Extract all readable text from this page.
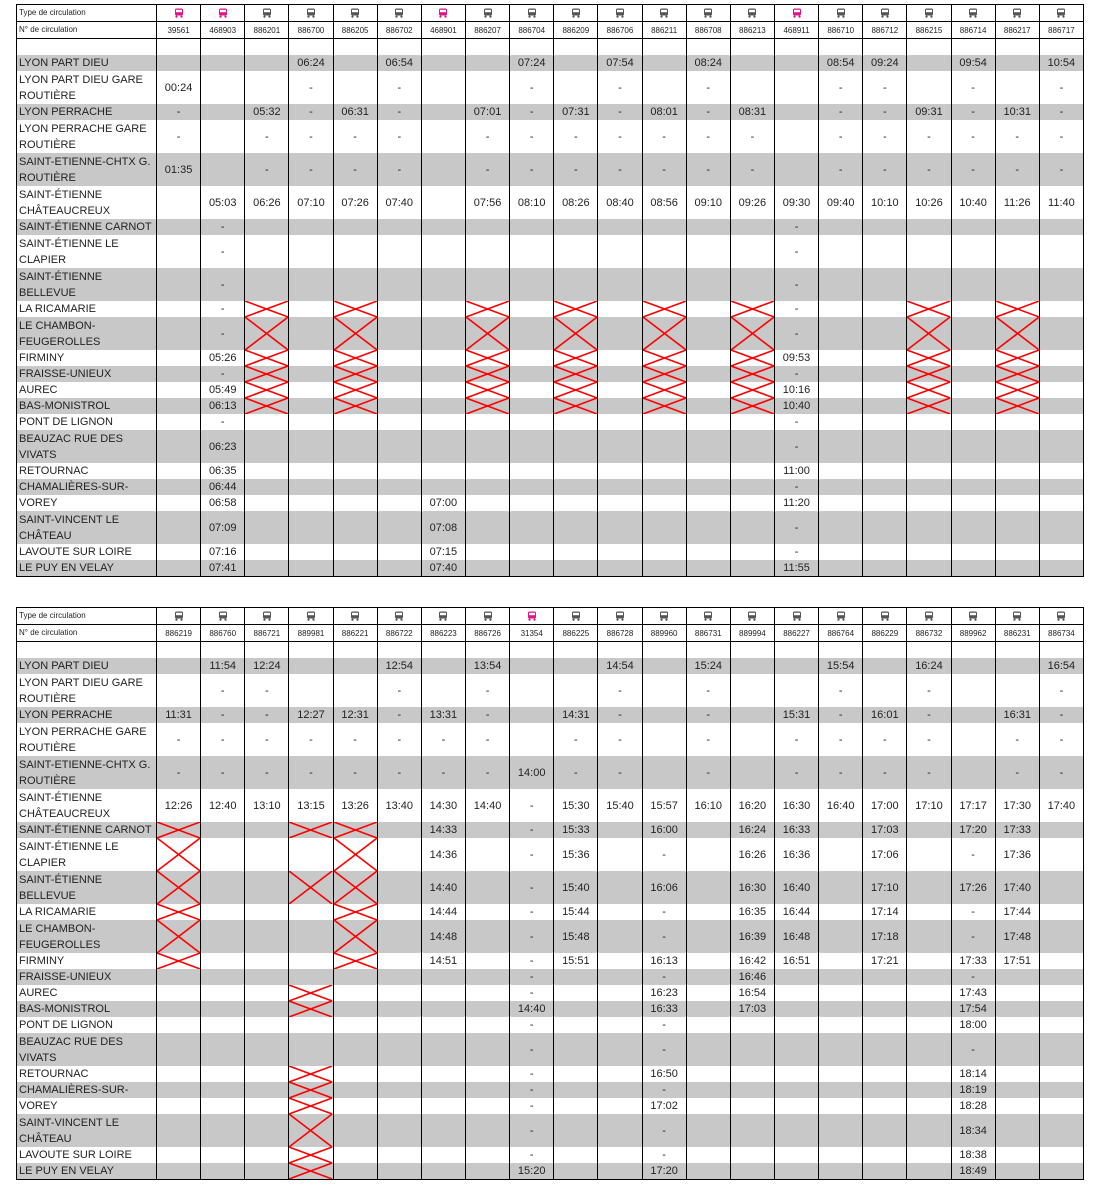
Type de circulation																					
N° de circulation	39561	468903	886201	886700	886205	886702	468901	886207	886704	886209	886706	886211	886708	886213	468911	886710	886712	886215	886714	886217	886717

LYON PART DIEU				06:24		06:54			07:24		07:54		08:24			08:54	09:24		09:54		10:54
LYON PART DIEU GARE ROUTIÈRE	00:24			-		-			-		-		-			-	-		-		-
LYON PERRACHE	-		05:32	-	06:31	-		07:01	-	07:31	-	08:01	-	08:31		-	-	09:31	-	10:31	-
LYON PERRACHE GARE ROUTIÈRE	-		-	-	-	-		-	-	-	-	-	-	-		-	-	-	-	-	-
SAINT-ETIENNE-CHTX G. ROUTIÈRE	01:35		-	-	-	-		-	-	-	-	-	-	-		-	-	-	-	-	-
SAINT-ÉTIENNE CHÂTEAUCREUX		05:03	06:26	07:10	07:26	07:40		07:56	08:10	08:26	08:40	08:56	09:10	09:26	09:30	09:40	10:10	10:26	10:40	11:26	11:40
SAINT-ÉTIENNE CARNOT		-													-						
SAINT-ÉTIENNE LE CLAPIER		-													-						
SAINT-ÉTIENNE BELLEVUE		-													-						
LA RICAMARIE		-													-			

LE CHAMBON-FEUGEROLLES		-													-			

FIRMINY		05:26													09:53			

FRAISSE-UNIEUX		-													-			

AUREC		05:49													10:16			

BAS-MONISTROL		06:13													10:40			

PONT DE LIGNON		-													-						
BEAUZAC RUE DES VIVATS		06:23													-						
RETOURNAC		06:35													11:00						
CHAMALIÈRES-SUR-		06:44													-						
VOREY		06:58					07:00								11:20						
SAINT-VINCENT LE CHÂTEAU		07:09					07:08								-						
LAVOUTE SUR LOIRE		07:16					07:15								-						
LE PUY EN VELAY		07:41					07:40								11:55						
Type de circulation																					
N° de circulation	886219	886760	886721	889981	886221	886722	886223	886726	31354	886225	886728	889960	886731	889994	886227	886764	886229	886732	889962	886231	886734

LYON PART DIEU		11:54	12:24			12:54		13:54			14:54		15:24			15:54		16:24			16:54
LYON PART DIEU GARE ROUTIÈRE		-	-			-		-			-		-			-		-			-
LYON PERRACHE	11:31	-	-	12:27	12:31	-	13:31	-		14:31	-		-		15:31	-	16:01	-		16:31	-
LYON PERRACHE GARE ROUTIÈRE	-	-	-	-	-	-	-	-		-	-		-		-	-	-	-		-	-
SAINT-ETIENNE-CHTX G. ROUTIÈRE	-	-	-	-	-	-	-	-	14:00	-	-		-		-	-	-	-		-	-
SAINT-ÉTIENNE CHÂTEAUCREUX	12:26	12:40	13:10	13:15	13:26	13:40	14:30	14:40	-	15:30	15:40	15:57	16:10	16:20	16:30	16:40	17:00	17:10	17:17	17:30	17:40
SAINT-ÉTIENNE CARNOT							14:33		-	15:33		16:00		16:24	16:33		17:03		17:20	17:33	
SAINT-ÉTIENNE LE CLAPIER							14:36		-	15:36		-		16:26	16:36		17:06		-	17:36	
SAINT-ÉTIENNE BELLEVUE							14:40		-	15:40		16:06		16:30	16:40		17:10		17:26	17:40	
LA RICAMARIE							14:44		-	15:44		-		16:35	16:44		17:14		-	17:44	
LE CHAMBON-FEUGEROLLES							14:48		-	15:48		-		16:39	16:48		17:18		-	17:48	
FIRMINY							14:51		-	15:51		16:13		16:42	16:51		17:21		17:33	17:51	
FRAISSE-UNIEUX									-			-		16:46					-		
AUREC									-			16:23		16:54					17:43		
BAS-MONISTROL									14:40			16:33		17:03					17:54		
PONT DE LIGNON									-			-							18:00		
BEAUZAC RUE DES VIVATS									-			-							-		
RETOURNAC									-			16:50							18:14		
CHAMALIÈRES-SUR-									-			-							18:19		
VOREY									-			17:02							18:28		
SAINT-VINCENT LE CHÂTEAU									-			-							18:34		
LAVOUTE SUR LOIRE									-			-							18:38		
LE PUY EN VELAY									15:20			17:20							18:49		
